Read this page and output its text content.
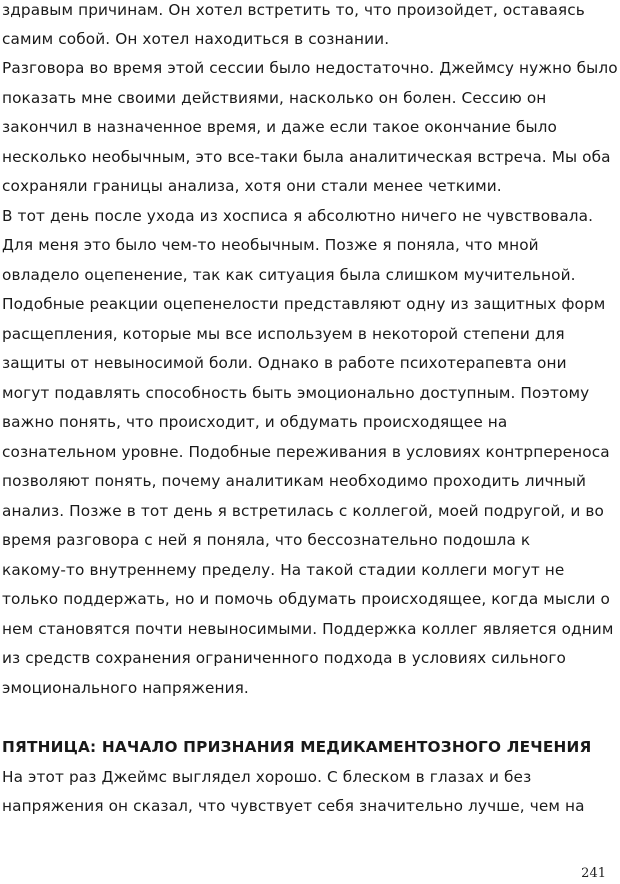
здравым причинам. Он хотел встретить то, что произойдет, оставаясь
самим собой. Он хотел находиться в сознании.
Разговора во время этой сессии было недостаточно. Джеймсу нужно было
показать мне своими действиями, насколько он болен. Сессию он
закончил в назначенное время, и даже если такое окончание было
несколько необычным, это все-таки была аналитическая встреча. Мы оба
сохраняли границы анализа, хотя они стали менее четкими.
В тот день после ухода из хосписа я абсолютно ничего не чувствовала.
Для меня это было чем-то необычным. Позже я поняла, что мной
овладело оцепенение, так как ситуация была слишком мучительной.
Подобные реакции оцепенелости представляют одну из защитных форм
расщепления, которые мы все используем в некоторой степени для
защиты от невыносимой боли. Однако в работе психотерапевта они
могут подавлять способность быть эмоционально доступным. Поэтому
важно понять, что происходит, и обдумать происходящее на
сознательном уровне. Подобные переживания в условиях контрпереноса
позволяют понять, почему аналитикам необходимо проходить личный
анализ. Позже в тот день я встретилась с коллегой, моей подругой, и во
время разговора с ней я поняла, что бессознательно подошла к
какому-то внутреннему пределу. На такой стадии коллеги могут не
только поддержать, но и помочь обдумать происходящее, когда мысли о
нем становятся почти невыносимыми. Поддержка коллег является одним
из средств сохранения ограниченного подхода в условиях сильного
эмоционального напряжения.
ПЯТНИЦА: НАЧАЛО ПРИЗНАНИЯ МЕДИКАМЕНТОЗНОГО ЛЕЧЕНИЯ
На этот раз Джеймс выглядел хорошо. С блеском в глазах и без
напряжения он сказал, что чувствует себя значительно лучше, чем на
241
